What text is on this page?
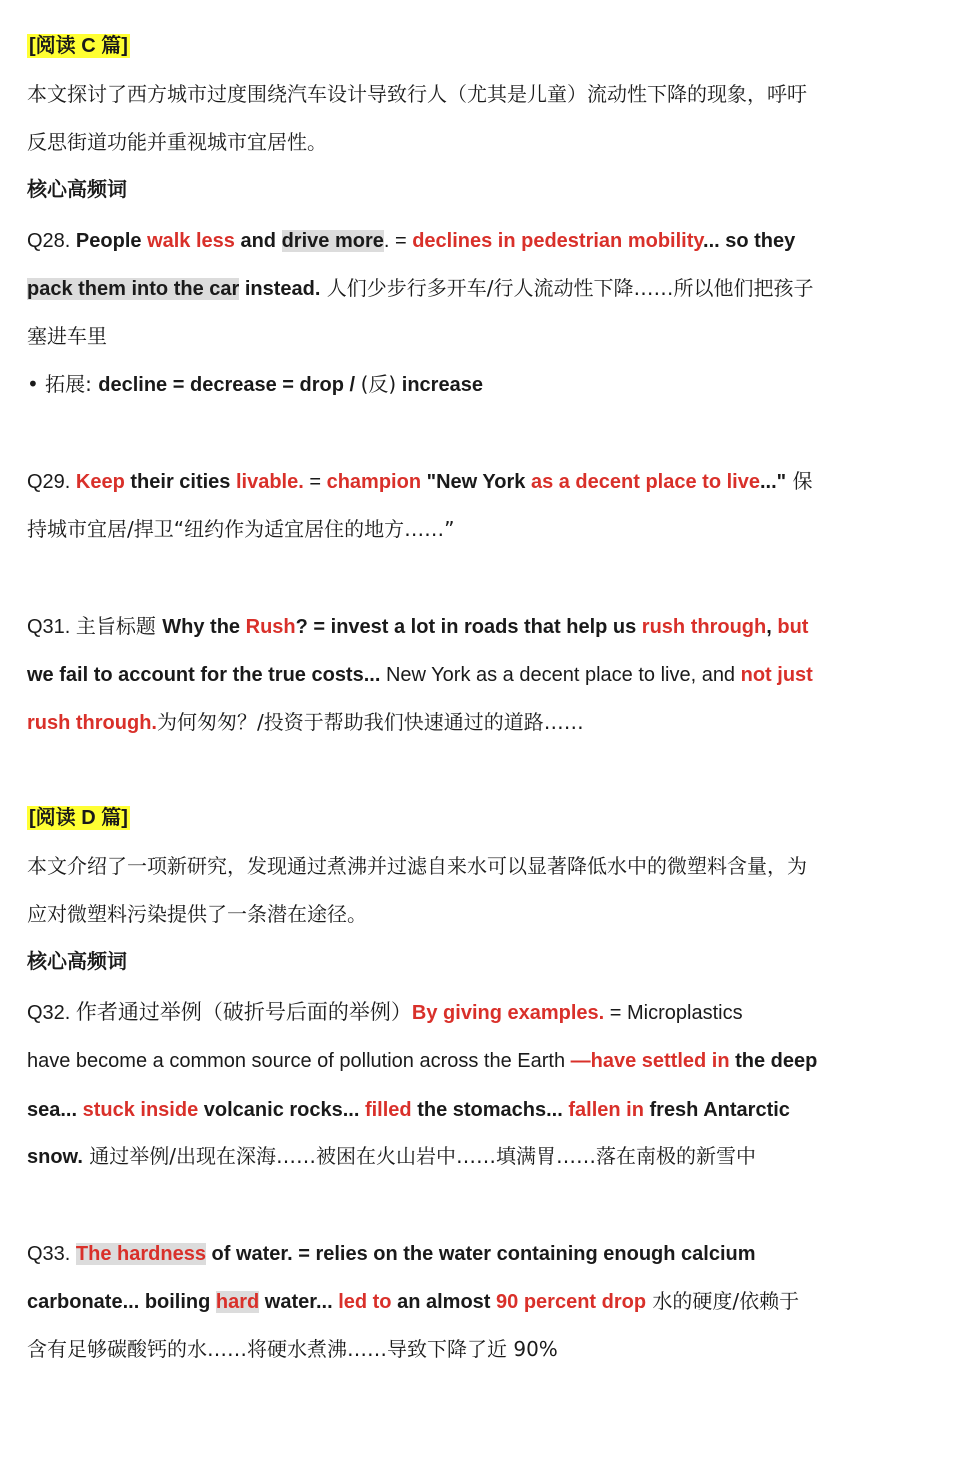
[阅读 C 篇]
本文探讨了西方城市过度围绕汽车设计导致行人（尤其是儿童）流动性下降的现象，呼吁
反思街道功能并重视城市宜居性。
核心高频词
Q28. People walk less and drive more. = declines in pedestrian mobility... so they
pack them into the car instead. 人们少步行多开车/行人流动性下降……所以他们把孩子
塞进车里
• 拓展: decline = decrease = drop / (反) increase
Q29. Keep their cities livable. = champion "New York as a decent place to live..." 保
持城市宜居/捍卫“纽约作为适宜居住的地方……”
Q31. 主旨标题 Why the Rush? = invest a lot in roads that help us rush through, but
we fail to account for the true costs... New York as a decent place to live, and not just
rush through.为何匆匆？/投资于帮助我们快速通过的道路……
[阅读 D 篇]
本文介绍了一项新研究，发现通过煮沸并过滤自来水可以显著降低水中的微塑料含量，为
应对微塑料污染提供了一条潜在途径。
核心高频词
Q32. 作者通过举例（破折号后面的举例）By giving examples. = Microplastics
have become a common source of pollution across the Earth —have settled in the deep
sea... stuck inside volcanic rocks... filled the stomachs... fallen in fresh Antarctic
snow. 通过举例/出现在深海……被困在火山岩中……填满胃……落在南极的新雪中
Q33. The hardness of water. = relies on the water containing enough calcium
carbonate... boiling hard water... led to an almost 90 percent drop 水的硬度/依赖于
含有足够碳酸钙的水……将硬水煮沸……导致下降了近 90%
